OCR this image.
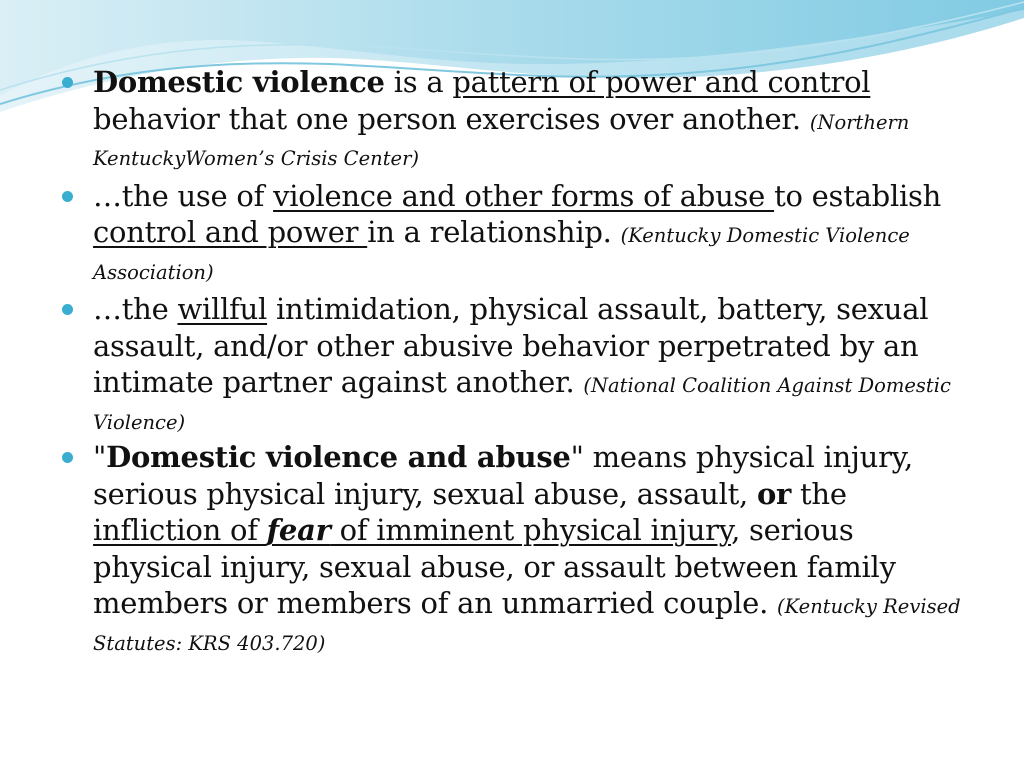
Domestic violence is a pattern of power and control behavior that one person exercises over another. (Northern KentuckyWomen’s Crisis Center)
…the use of violence and other forms of abuse to establish control and power in a relationship. (Kentucky Domestic Violence Association)
…the willful intimidation, physical assault, battery, sexual assault, and/or other abusive behavior perpetrated by an intimate partner against another. (National Coalition Against Domestic Violence)
"Domestic violence and abuse" means physical injury, serious physical injury, sexual abuse, assault, or the infliction of fear of imminent physical injury, serious physical injury, sexual abuse, or assault between family members or members of an unmarried couple. (Kentucky Revised Statutes: KRS 403.720)
